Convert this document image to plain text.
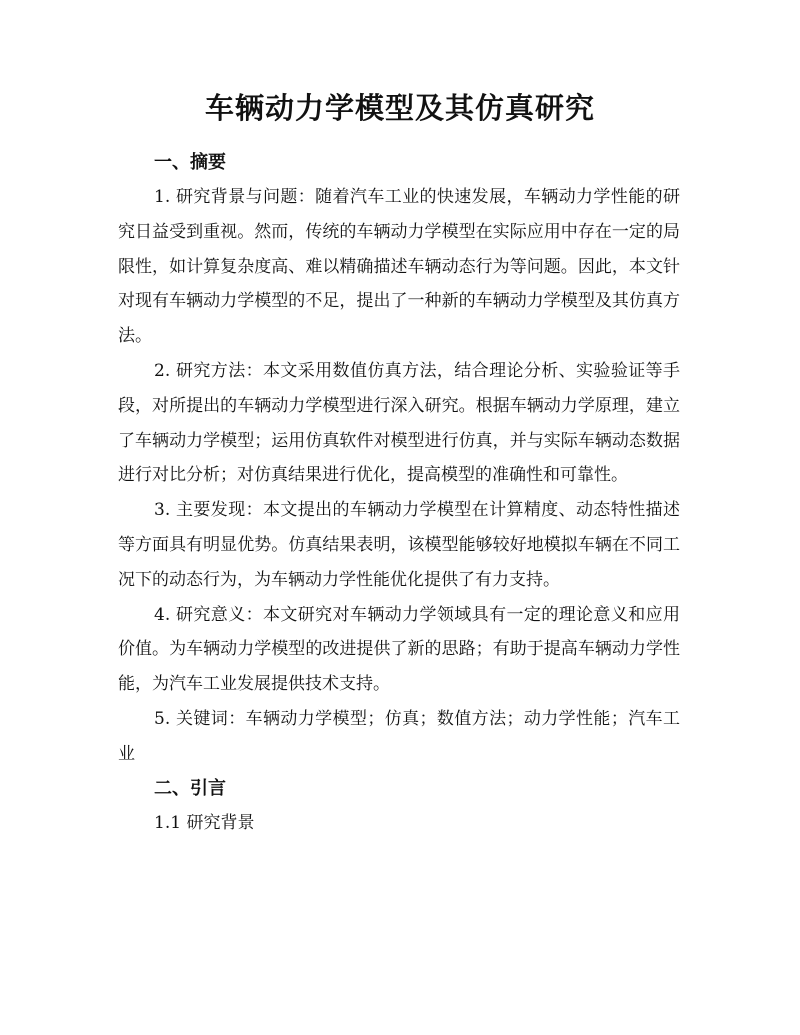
车辆动力学模型及其仿真研究
一、摘要

1. 研究背景与问题：随着汽车工业的快速发展，车辆动力学性能的研究日益受到重视。然而，传统的车辆动力学模型在实际应用中存在一定的局限性，如计算复杂度高、难以精确描述车辆动态行为等问题。因此，本文针对现有车辆动力学模型的不足，提出了一种新的车辆动力学模型及其仿真方法。

2. 研究方法：本文采用数值仿真方法，结合理论分析、实验验证等手段，对所提出的车辆动力学模型进行深入研究。根据车辆动力学原理，建立了车辆动力学模型；运用仿真软件对模型进行仿真，并与实际车辆动态数据进行对比分析；对仿真结果进行优化，提高模型的准确性和可靠性。

3. 主要发现：本文提出的车辆动力学模型在计算精度、动态特性描述等方面具有明显优势。仿真结果表明，该模型能够较好地模拟车辆在不同工况下的动态行为，为车辆动力学性能优化提供了有力支持。

4. 研究意义：本文研究对车辆动力学领域具有一定的理论意义和应用价值。为车辆动力学模型的改进提供了新的思路；有助于提高车辆动力学性能，为汽车工业发展提供技术支持。

5. 关键词：车辆动力学模型；仿真；数值方法；动力学性能；汽车工业

二、引言
1.1 研究背景
